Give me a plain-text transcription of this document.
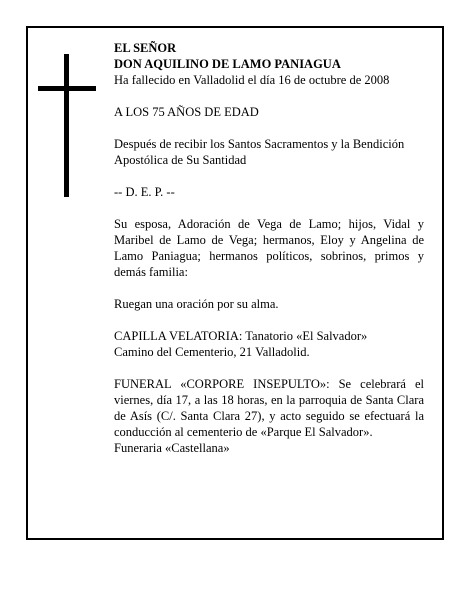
EL SEÑOR

DON AQUILINO DE LAMO PANIAGUA

Ha fallecido en Valladolid el día 16 de octubre de 2008

A LOS 75 AÑOS DE EDAD

Después de recibir los Santos Sacramentos y la Bendición Apostólica de Su Santidad

-- D. E. P. --

Su esposa, Adoración de Vega de Lamo; hijos, Vidal y Maribel de Lamo de Vega; hermanos, Eloy y Angelina de Lamo Paniagua; hermanos políticos, sobrinos, primos y demás familia:

Ruegan una oración por su alma.

CAPILLA VELATORIA: Tanatorio «El Salvador»

Camino del Cementerio, 21 Valladolid.

FUNERAL «CORPORE INSEPULTO»: Se celebrará el viernes, día 17, a las 18 horas, en la parroquia de Santa Clara de Asís (C/. Santa Clara 27), y acto seguido se efectuará la conducción al cementerio de «Parque El Salvador».

Funeraria «Castellana»
